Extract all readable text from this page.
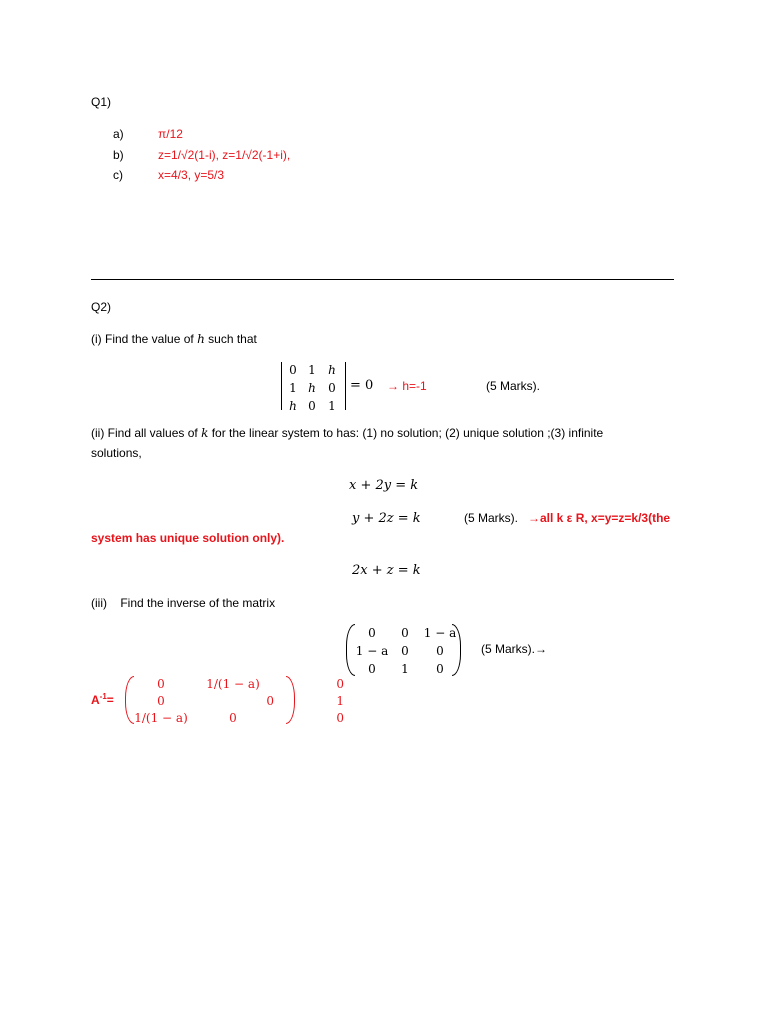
Q1)
a)	π/12
b)	z=1/√2(1-i), z=1/√2(-1+i),
c)	x=4/3, y=5/3
Q2)
(i) Find the value of h such that
0 1	h
1 h	0
h 0	1
= 0 → h=-1	(5 Marks).
(ii) Find all values of k for the linear system to has: (1) no solution; (2) unique solution ;(3) infinite
solutions,
x + 2y = k
y + 2z = k	(5 Marks). →all k ε R, x=y=z=k/3(the
system has unique solution only).
2x + z = k
(iii) Find the inverse of the matrix
0	0	1 − a
1 − a	0	0
0	1	0
(5 Marks).→
$A^{-1}=$
0	1/(1 − a)	0
0	0	1
1/(1 − a)	0	0
